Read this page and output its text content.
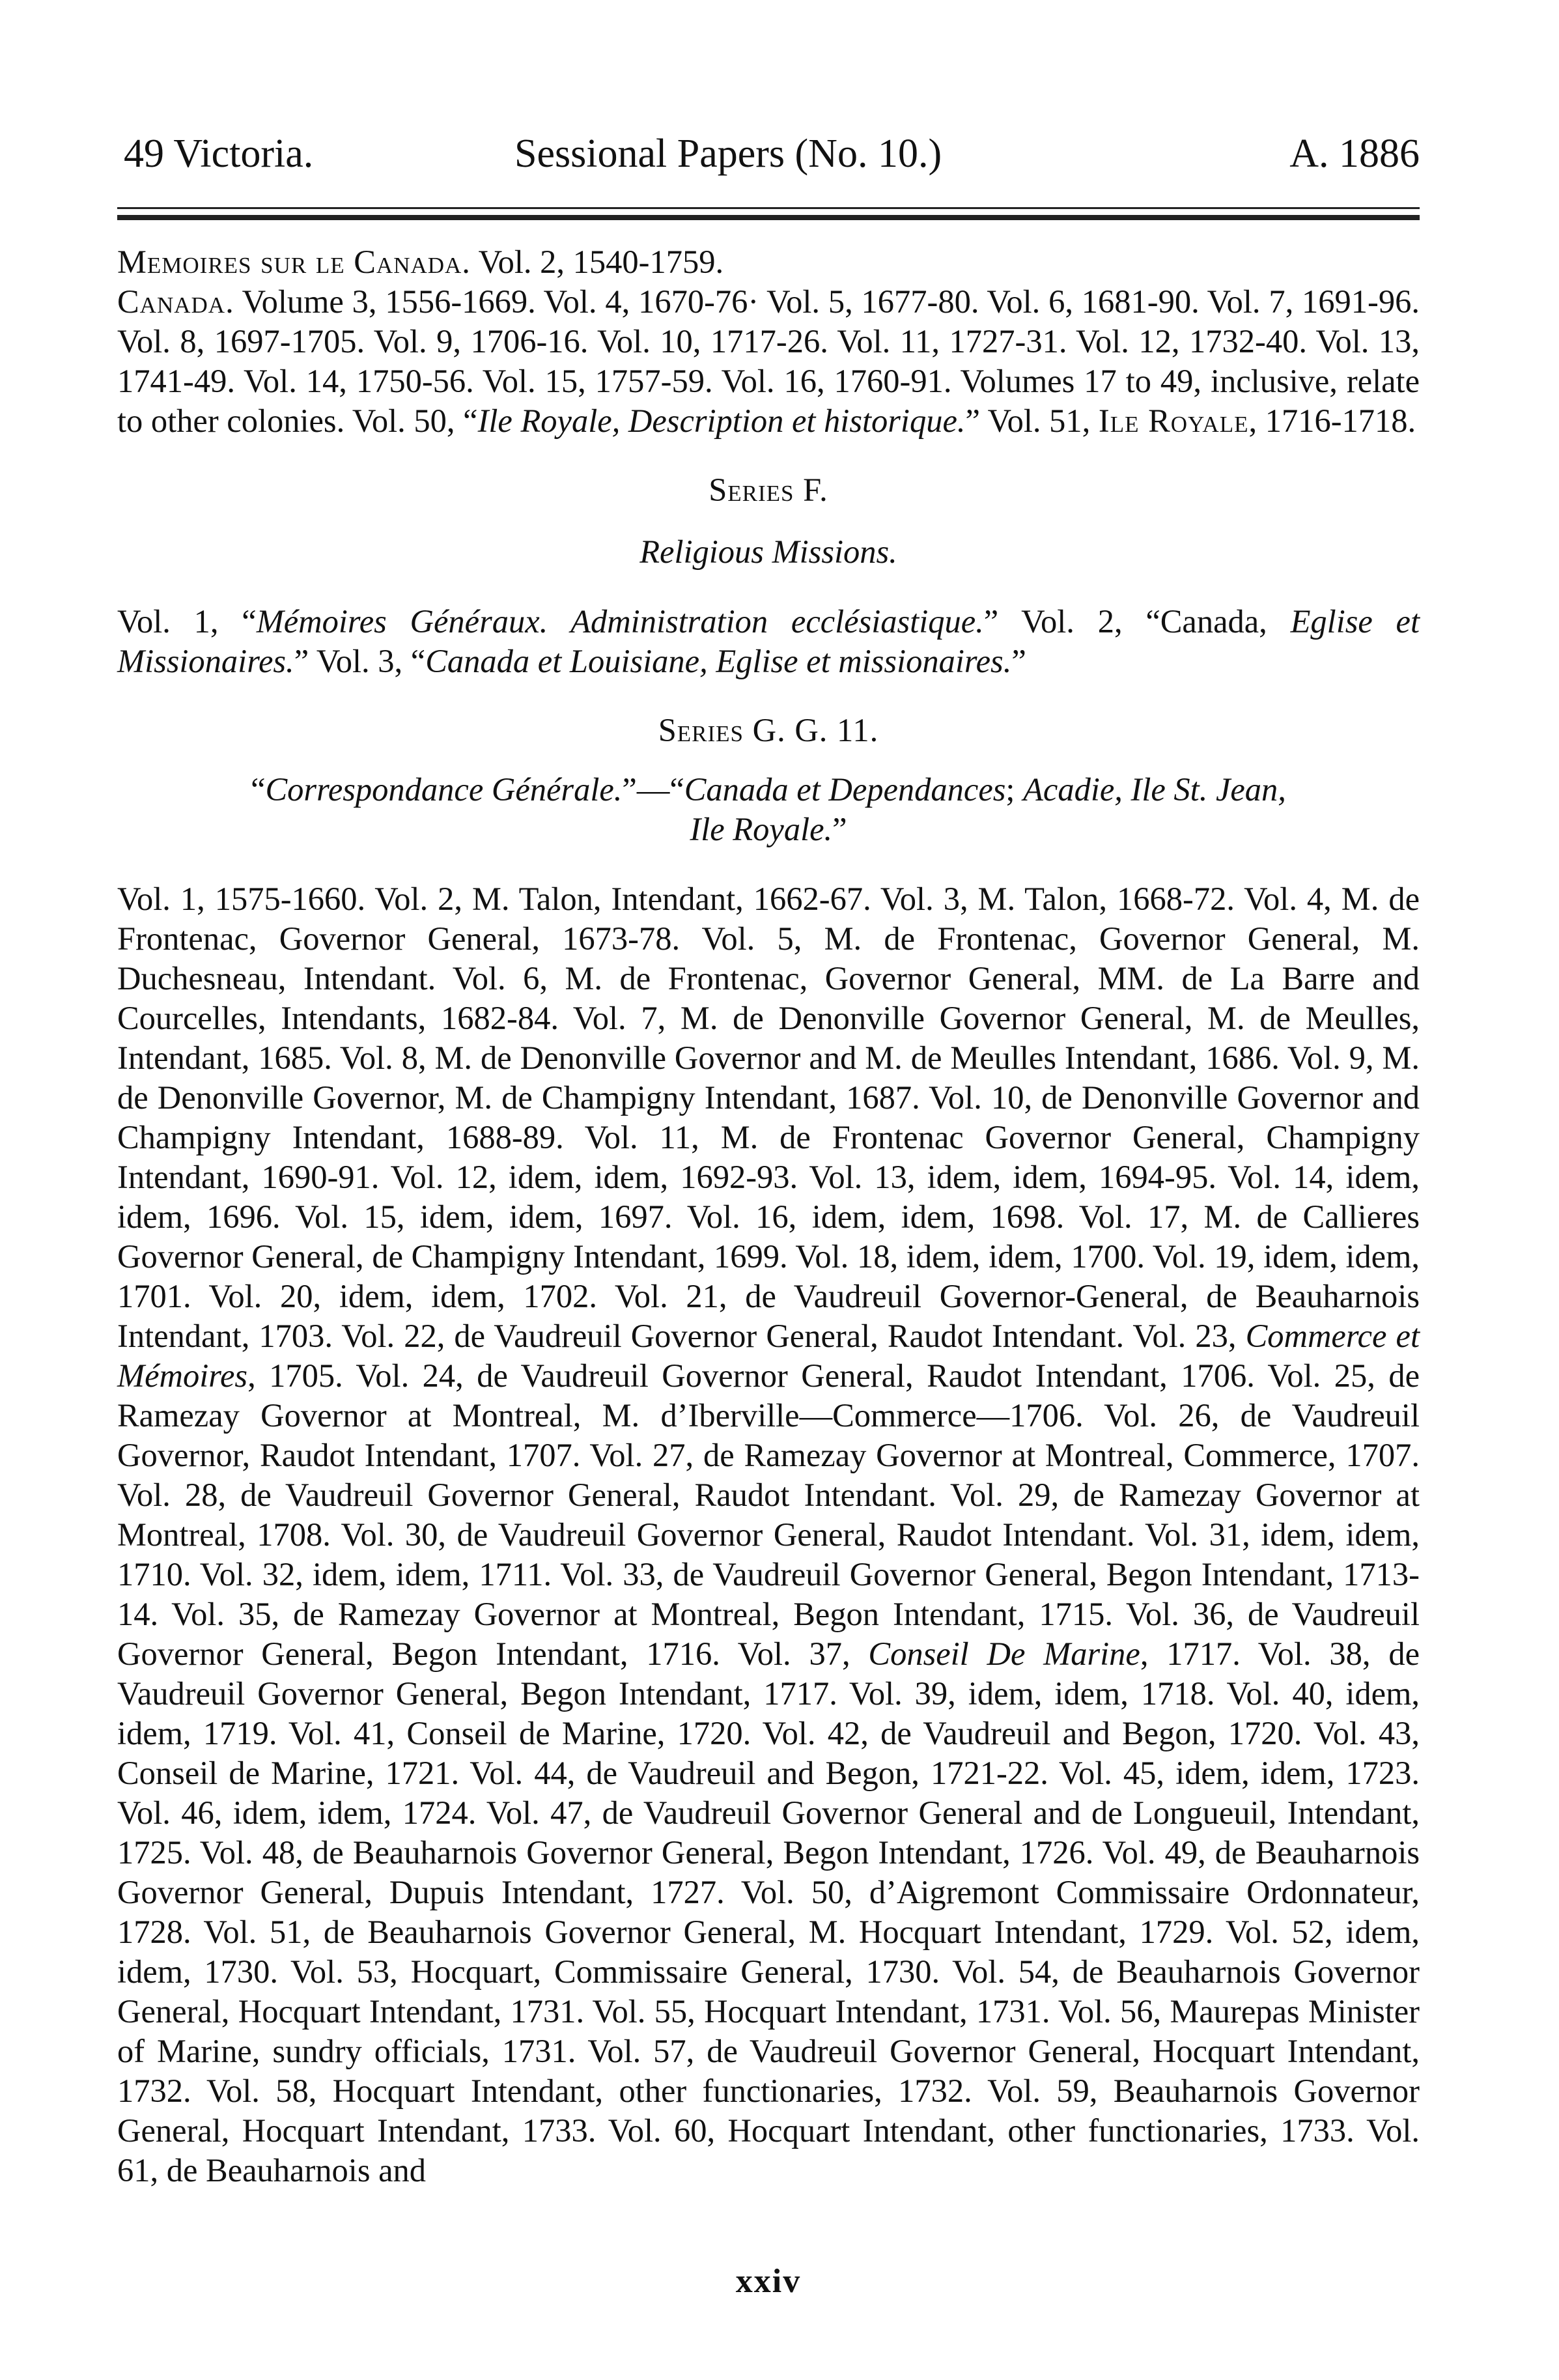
49 Victoria.	Sessional Papers (No. 10.)	A. 1886

Memoires sur le Canada. Vol. 2, 1540-1759.

Canada. Volume 3, 1556-1669. Vol. 4, 1670-76· Vol. 5, 1677-80. Vol. 6, 1681-90. Vol. 7, 1691-96. Vol. 8, 1697-1705. Vol. 9, 1706-16. Vol. 10, 1717-26. Vol. 11, 1727-31. Vol. 12, 1732-40. Vol. 13, 1741-49. Vol. 14, 1750-56. Vol. 15, 1757-59. Vol. 16, 1760-91. Volumes 17 to 49, inclusive, relate to other colonies. Vol. 50, “Ile Royale, Description et historique.” Vol. 51, Ile Royale, 1716-1718.

Series F.

Religious Missions.

Vol. 1, “Mémoires Généraux. Administration ecclésiastique.” Vol. 2, “Canada, Eglise et Missionaires.” Vol. 3, “Canada et Louisiane, Eglise et missionaires.”

Series G. G. 11.

“Correspondance Générale.”—“Canada et Dependances; Acadie, Ile St. Jean, Ile Royale.”

Vol. 1, 1575-1660. Vol. 2, M. Talon, Intendant, 1662-67. Vol. 3, M. Talon, 1668-72. Vol. 4, M. de Frontenac, Governor General, 1673-78. Vol. 5, M. de Frontenac, Governor General, M. Duchesneau, Intendant. Vol. 6, M. de Frontenac, Governor General, MM. de La Barre and Courcelles, Intendants, 1682-84. Vol. 7, M. de Denonville Governor General, M. de Meulles, Intendant, 1685. Vol. 8, M. de Denonville Governor and M. de Meulles Intendant, 1686. Vol. 9, M. de Denonville Governor, M. de Champigny Intendant, 1687. Vol. 10, de Denonville Governor and Champigny Intendant, 1688-89. Vol. 11, M. de Frontenac Governor General, Champigny Intendant, 1690-91. Vol. 12, idem, idem, 1692-93. Vol. 13, idem, idem, 1694-95. Vol. 14, idem, idem, 1696. Vol. 15, idem, idem, 1697. Vol. 16, idem, idem, 1698. Vol. 17, M. de Callieres Governor General, de Champigny Intendant, 1699. Vol. 18, idem, idem, 1700. Vol. 19, idem, idem, 1701. Vol. 20, idem, idem, 1702. Vol. 21, de Vaudreuil Governor-General, de Beauharnois Intendant, 1703. Vol. 22, de Vaudreuil Governor General, Raudot Intendant. Vol. 23, Commerce et Mémoires, 1705. Vol. 24, de Vaudreuil Governor General, Raudot Intendant, 1706. Vol. 25, de Ramezay Governor at Montreal, M. d’Iberville—Commerce—1706. Vol. 26, de Vaudreuil Governor, Raudot Intendant, 1707. Vol. 27, de Ramezay Governor at Montreal, Commerce, 1707. Vol. 28, de Vaudreuil Governor General, Raudot Intendant. Vol. 29, de Ramezay Governor at Montreal, 1708. Vol. 30, de Vaudreuil Governor General, Raudot Intendant. Vol. 31, idem, idem, 1710. Vol. 32, idem, idem, 1711. Vol. 33, de Vaudreuil Governor General, Begon Intendant, 1713-14. Vol. 35, de Ramezay Governor at Montreal, Begon Intendant, 1715. Vol. 36, de Vaudreuil Governor General, Begon Intendant, 1716. Vol. 37, Conseil De Marine, 1717. Vol. 38, de Vaudreuil Governor General, Begon Intendant, 1717. Vol. 39, idem, idem, 1718. Vol. 40, idem, idem, 1719. Vol. 41, Conseil de Marine, 1720. Vol. 42, de Vaudreuil and Begon, 1720. Vol. 43, Conseil de Marine, 1721. Vol. 44, de Vaudreuil and Begon, 1721-22. Vol. 45, idem, idem, 1723. Vol. 46, idem, idem, 1724. Vol. 47, de Vaudreuil Governor General and de Longueuil, Intendant, 1725. Vol. 48, de Beauharnois Governor General, Begon Intendant, 1726. Vol. 49, de Beauharnois Governor General, Dupuis Intendant, 1727. Vol. 50, d’Aigremont Commissaire Ordonnateur, 1728. Vol. 51, de Beauharnois Governor General, M. Hocquart Intendant, 1729. Vol. 52, idem, idem, 1730. Vol. 53, Hocquart, Commissaire General, 1730. Vol. 54, de Beauharnois Governor General, Hocquart Intendant, 1731. Vol. 55, Hocquart Intendant, 1731. Vol. 56, Maurepas Minister of Marine, sundry officials, 1731. Vol. 57, de Vaudreuil Governor General, Hocquart Intendant, 1732. Vol. 58, Hocquart Intendant, other functionaries, 1732. Vol. 59, Beauharnois Governor General, Hocquart Intendant, 1733. Vol. 60, Hocquart Intendant, other functionaries, 1733. Vol. 61, de Beauharnois and

xxiv
